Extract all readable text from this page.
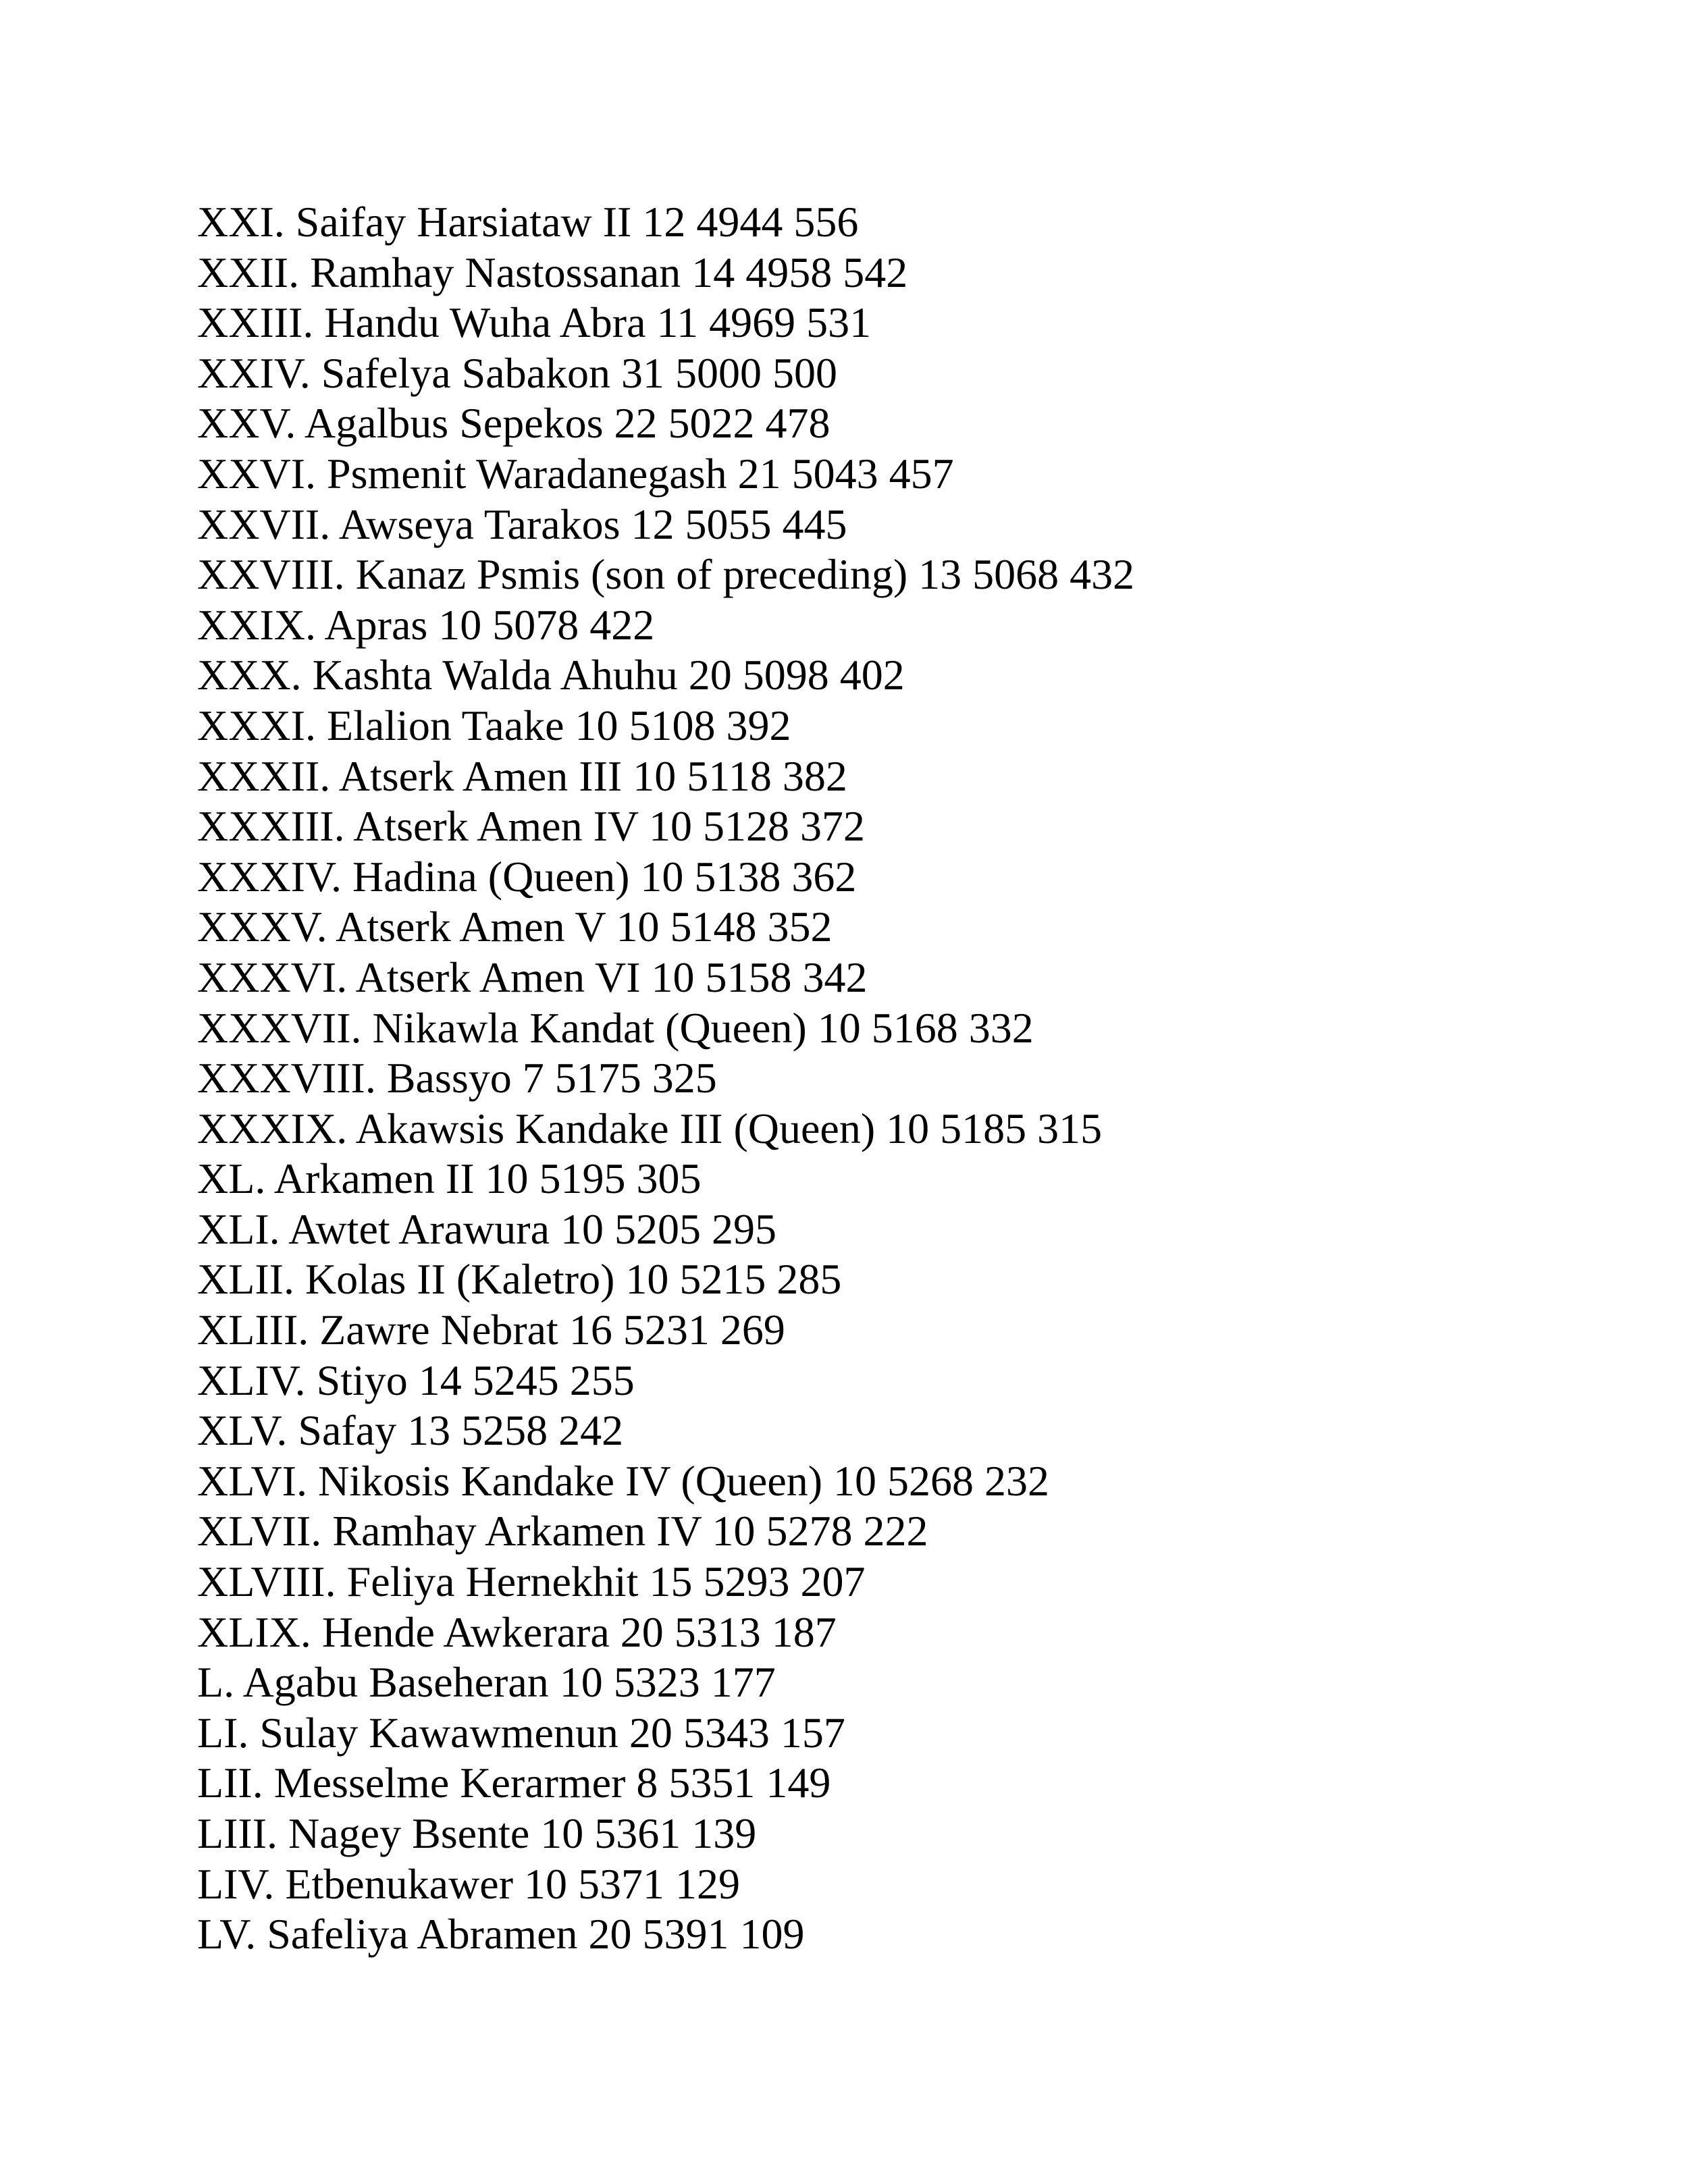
XXI. Saifay Harsiataw II 12 4944 556
XXII. Ramhay Nastossanan 14 4958 542
XXIII. Handu Wuha Abra 11 4969 531
XXIV. Safelya Sabakon 31 5000 500
XXV. Agalbus Sepekos 22 5022 478
XXVI. Psmenit Waradanegash 21 5043 457
XXVII. Awseya Tarakos 12 5055 445
XXVIII. Kanaz Psmis (son of preceding) 13 5068 432
XXIX. Apras 10 5078 422
XXX. Kashta Walda Ahuhu 20 5098 402
XXXI. Elalion Taake 10 5108 392
XXXII. Atserk Amen III 10 5118 382
XXXIII. Atserk Amen IV 10 5128 372
XXXIV. Hadina (Queen) 10 5138 362
XXXV. Atserk Amen V 10 5148 352
XXXVI. Atserk Amen VI 10 5158 342
XXXVII. Nikawla Kandat (Queen) 10 5168 332
XXXVIII. Bassyo 7 5175 325
XXXIX. Akawsis Kandake III (Queen) 10 5185 315
XL. Arkamen II 10 5195 305
XLI. Awtet Arawura 10 5205 295
XLII. Kolas II (Kaletro) 10 5215 285
XLIII. Zawre Nebrat 16 5231 269
XLIV. Stiyo 14 5245 255
XLV. Safay 13 5258 242
XLVI. Nikosis Kandake IV (Queen) 10 5268 232
XLVII. Ramhay Arkamen IV 10 5278 222
XLVIII. Feliya Hernekhit 15 5293 207
XLIX. Hende Awkerara 20 5313 187
L. Agabu Baseheran 10 5323 177
LI. Sulay Kawawmenun 20 5343 157
LII. Messelme Kerarmer 8 5351 149
LIII. Nagey Bsente 10 5361 139
LIV. Etbenukawer 10 5371 129
LV. Safeliya Abramen 20 5391 109
